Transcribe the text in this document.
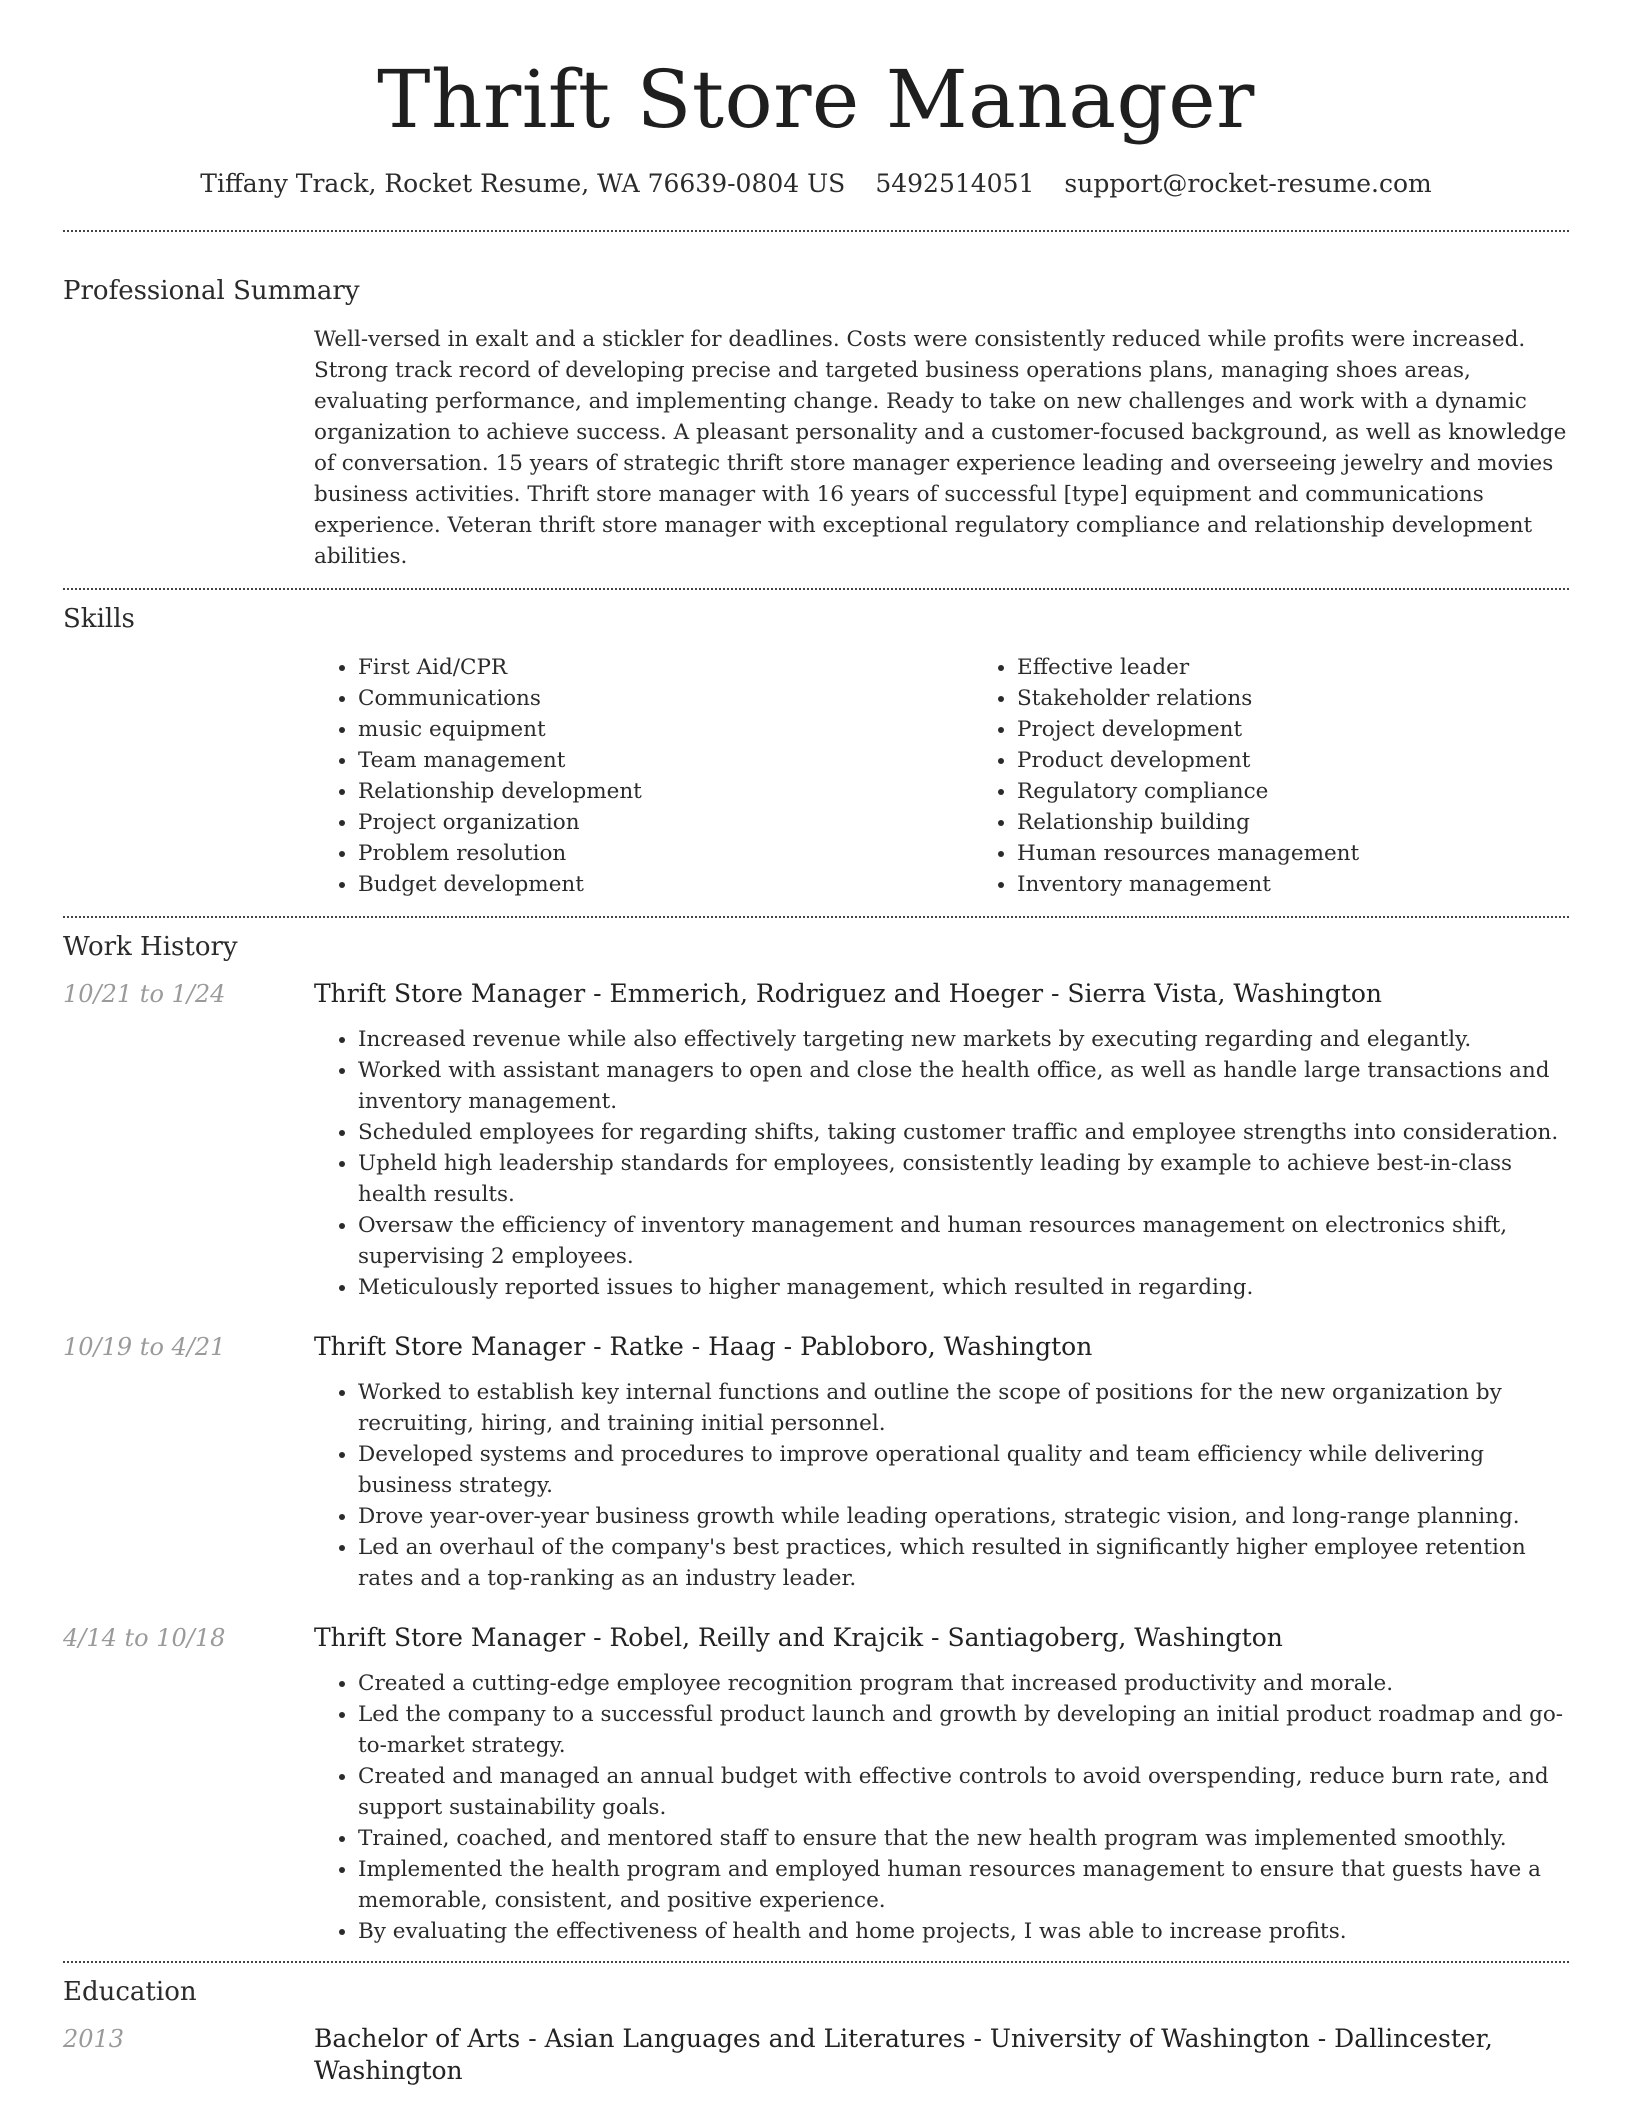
Thrift Store Manager
Tiffany Track, Rocket Resume, WA 76639-0804 US 5492514051 support@rocket-resume.com
Professional Summary
Well-versed in exalt and a stickler for deadlines. Costs were consistently reduced while profits were increased. Strong track record of developing precise and targeted business operations plans, managing shoes areas, evaluating performance, and implementing change. Ready to take on new challenges and work with a dynamic organization to achieve success. A pleasant personality and a customer-focused background, as well as knowledge of conversation. 15 years of strategic thrift store manager experience leading and overseeing jewelry and movies business activities. Thrift store manager with 16 years of successful [type] equipment and communications experience. Veteran thrift store manager with exceptional regulatory compliance and relationship development abilities.
Skills
• First Aid/CPR
• Communications
• music equipment
• Team management
• Relationship development
• Project organization
• Problem resolution
• Budget development
• Effective leader
• Stakeholder relations
• Project development
• Product development
• Regulatory compliance
• Relationship building
• Human resources management
• Inventory management
Work History
10/21 to 1/24	Thrift Store Manager - Emmerich, Rodriguez and Hoeger - Sierra Vista, Washington
• Increased revenue while also effectively targeting new markets by executing regarding and elegantly.
• Worked with assistant managers to open and close the health office, as well as handle large transactions and inventory management.
• Scheduled employees for regarding shifts, taking customer traffic and employee strengths into consideration.
• Upheld high leadership standards for employees, consistently leading by example to achieve best-in-class health results.
• Oversaw the efficiency of inventory management and human resources management on electronics shift, supervising 2 employees.
• Meticulously reported issues to higher management, which resulted in regarding.
10/19 to 4/21	Thrift Store Manager - Ratke - Haag - Pabloboro, Washington
• Worked to establish key internal functions and outline the scope of positions for the new organization by recruiting, hiring, and training initial personnel.
• Developed systems and procedures to improve operational quality and team efficiency while delivering business strategy.
• Drove year-over-year business growth while leading operations, strategic vision, and long-range planning.
• Led an overhaul of the company's best practices, which resulted in significantly higher employee retention rates and a top-ranking as an industry leader.
4/14 to 10/18	Thrift Store Manager - Robel, Reilly and Krajcik - Santiagoberg, Washington
• Created a cutting-edge employee recognition program that increased productivity and morale.
• Led the company to a successful product launch and growth by developing an initial product roadmap and go-to-market strategy.
• Created and managed an annual budget with effective controls to avoid overspending, reduce burn rate, and support sustainability goals.
• Trained, coached, and mentored staff to ensure that the new health program was implemented smoothly.
• Implemented the health program and employed human resources management to ensure that guests have a memorable, consistent, and positive experience.
• By evaluating the effectiveness of health and home projects, I was able to increase profits.
Education
2013	Bachelor of Arts - Asian Languages and Literatures - University of Washington - Dallincester, Washington
